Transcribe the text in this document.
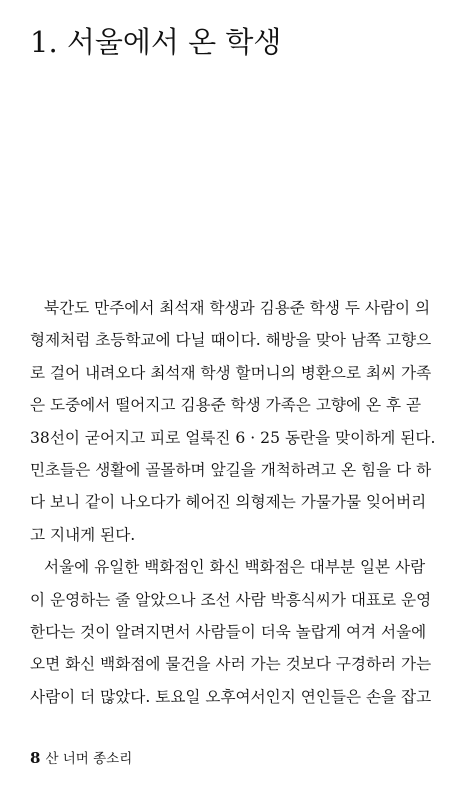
1. 서울에서 온 학생
북간도 만주에서 최석재 학생과 김용준 학생 두 사람이 의
형제처럼 초등학교에 다닐 때이다. 해방을 맞아 남쪽 고향으
로 걸어 내려오다 최석재 학생 할머니의 병환으로 최씨 가족
은 도중에서 떨어지고 김용준 학생 가족은 고향에 온 후 곧
38선이 굳어지고 피로 얼룩진 6 · 25 동란을 맞이하게 된다.
민초들은 생활에 골몰하며 앞길을 개척하려고 온 힘을 다 하
다 보니 같이 나오다가 헤어진 의형제는 가물가물 잊어버리
고 지내게 된다.
서울에 유일한 백화점인 화신 백화점은 대부분 일본 사람
이 운영하는 줄 알았으나 조선 사람 박흥식씨가 대표로 운영
한다는 것이 알려지면서 사람들이 더욱 놀랍게 여겨 서울에
오면 화신 백화점에 물건을 사러 가는 것보다 구경하러 가는
사람이 더 많았다. 토요일 오후여서인지 연인들은 손을 잡고
8 산 너머 종소리
